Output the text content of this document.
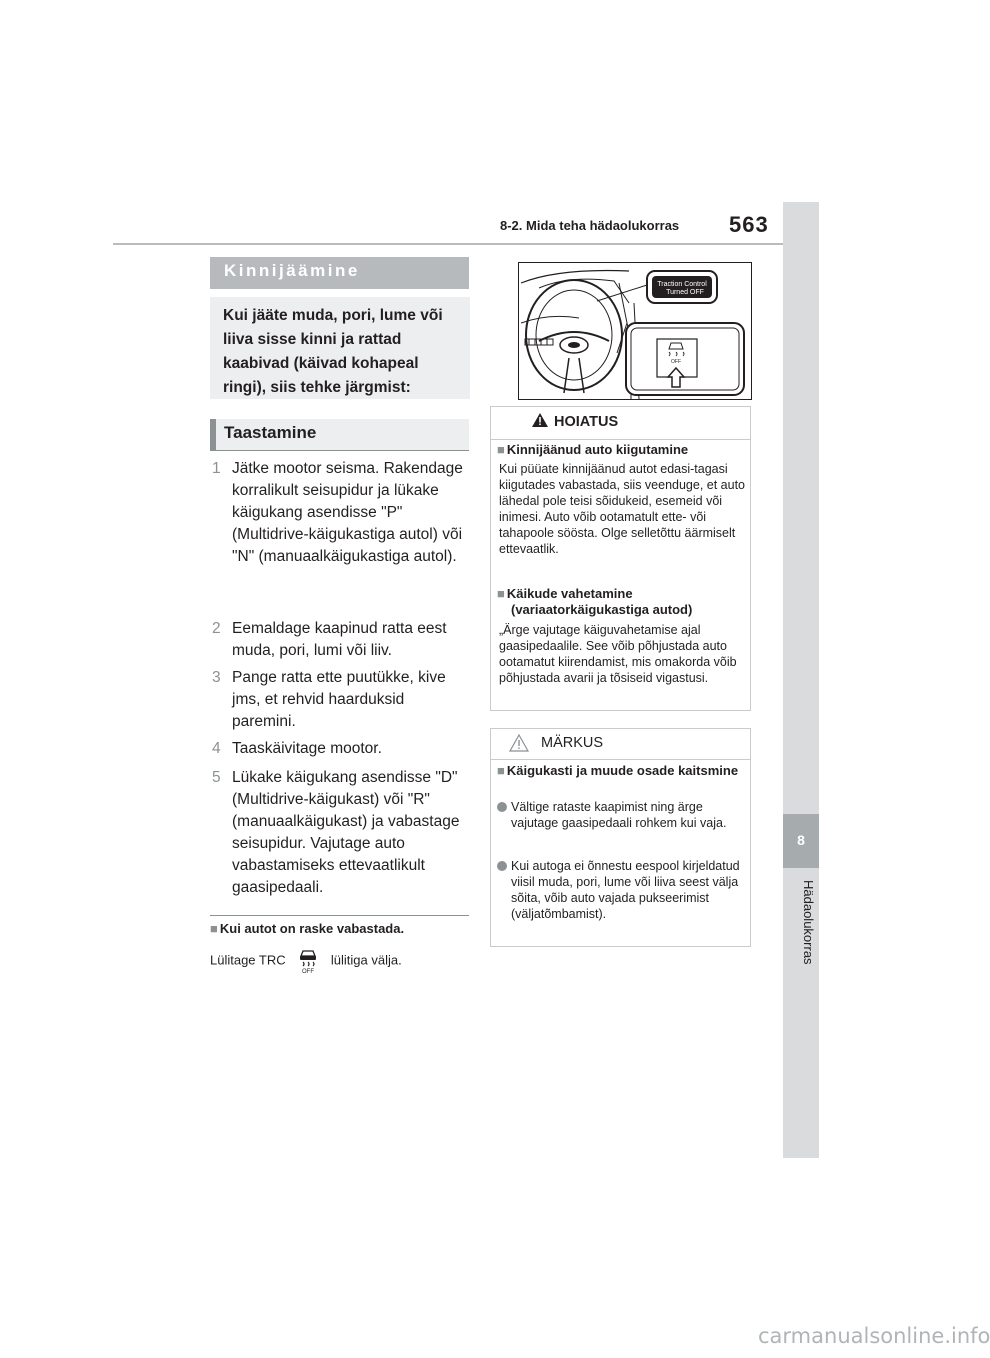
8-2. Mida teha hädaolukorras 563
8
Hädaolukorras
Kinnijäämine
Kui jääte muda, pori, lume või liiva sisse kinni ja rattad kaabivad (käivad kohapeal ringi), siis tehke järgmist:
Taastamine
1 Jätke mootor seisma. Rakendage korralikult seisupidur ja lükake käigukang asendisse "P" (Multidrive-käigukastiga autol) või "N" (manuaalkäigukastiga autol).
2 Eemaldage kaapinud ratta eest muda, pori, lumi või liiv.
3 Pange ratta ette puutükke, kive jms, et rehvid haarduksid paremini.
4 Taaskäivitage mootor.
5 Lükake käigukang asendisse "D" (Multidrive-käigukast) või "R" (manuaalkäigukast) ja vabastage seisupidur. Vajutage auto vabastamiseks ettevaatlikult gaasipedaali.
■ Kui autot on raske vabastada.
Lülitage TRC
OFF
lülitiga välja.
Traction Control
Turned OFF
OFF
HOIATUS
■ Kinnijäänud auto kiigutamine
Kui püüate kinnijäänud autot edasi-tagasi kiigutades vabastada, siis veenduge, et auto lähedal pole teisi sõidukeid, esemeid või inimesi. Auto võib ootamatult ette- või tahapoole söösta. Olge selletõttu äärmiselt ettevaatlik.
■ Käikude vahetamine (variaatorkäigukastiga autod)
„Ärge vajutage käiguvahetamise ajal gaasipedaalile. See võib põhjustada auto ootamatut kiirendamist, mis omakorda võib põhjustada avarii ja tõsiseid vigastusi.
MÄRKUS
■ Käigukasti ja muude osade kaitsmine
Vältige rataste kaapimist ning ärge vajutage gaasipedaali rohkem kui vaja.
Kui autoga ei õnnestu eespool kirjeldatud viisil muda, pori, lume või liiva seest välja sõita, võib auto vajada pukseerimist (väljatõmbamist).
carmanualsonline.info
